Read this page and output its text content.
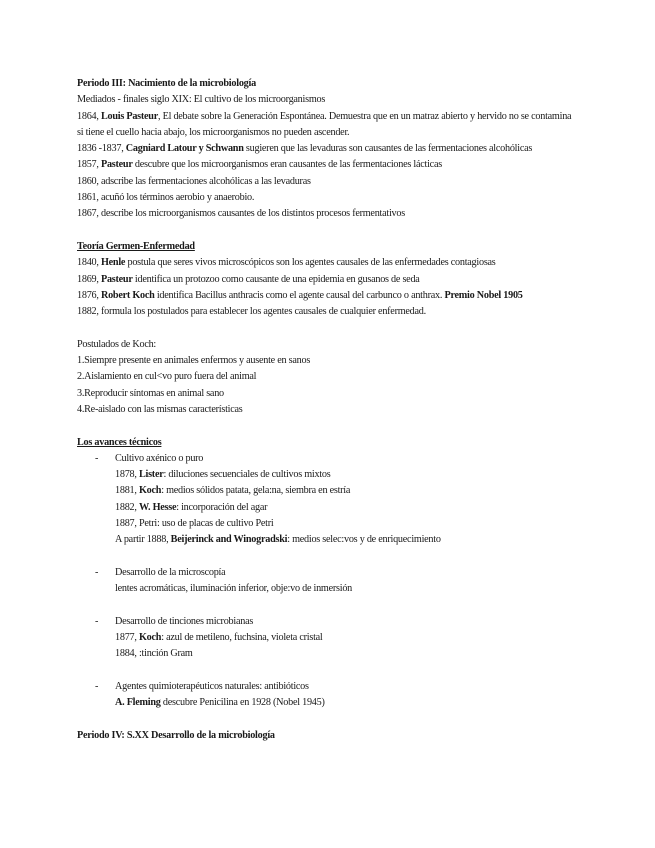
Periodo III: Nacimiento de la microbiología
Mediados - finales siglo XIX: El cultivo de los microorganismos
1864, Louis Pasteur, El debate sobre la Generación Espontánea. Demuestra que en un matraz abierto y hervido no se contamina si tiene el cuello hacia abajo, los microorganismos no pueden ascender.
1836 -1837, Cagniard Latour y Schwann sugieren que las levaduras son causantes de las fermentaciones alcohólicas
1857, Pasteur descubre que los microorganismos eran causantes de las fermentaciones lácticas
1860, adscribe las fermentaciones alcohólicas a las levaduras
1861, acuñó los términos aerobio y anaerobio.
1867, describe los microorganismos causantes de los distintos procesos fermentativos
Teoría Germen-Enfermedad
1840, Henle postula que seres vivos microscópicos son los agentes causales de las enfermedades contagiosas
1869, Pasteur identifica un protozoo como causante de una epidemia en gusanos de seda
1876, Robert Koch identifica Bacillus anthracis como el agente causal del carbunco o anthrax. Premio Nobel 1905
1882, formula los postulados para establecer los agentes causales de cualquier enfermedad.
Postulados de Koch:
1.Siempre presente en animales enfermos y ausente en sanos
2.Aislamiento en cul<vo puro fuera del animal
3.Reproducir síntomas en animal sano
4.Re-aislado con las mismas características
Los avances técnicos
- Cultivo axénico o puro
1878, Lister: diluciones secuenciales de cultivos mixtos
1881, Koch: medios sólidos patata, gela:na, siembra en estría
1882, W. Hesse: incorporación del agar
1887, Petri: uso de placas de cultivo Petri
A partir 1888, Beijerinck and Winogradski: medios selec:vos y de enriquecimiento
- Desarrollo de la microscopía
lentes acromáticas, iluminación inferior, obje:vo de inmersión
- Desarrollo de tinciones microbianas
1877, Koch: azul de metileno, fuchsina, violeta cristal
1884, :tinción Gram
- Agentes quimioterapéuticos naturales: antibióticos
A. Fleming descubre Penicilina en 1928 (Nobel 1945)
Periodo IV: S.XX Desarrollo de la microbiología
